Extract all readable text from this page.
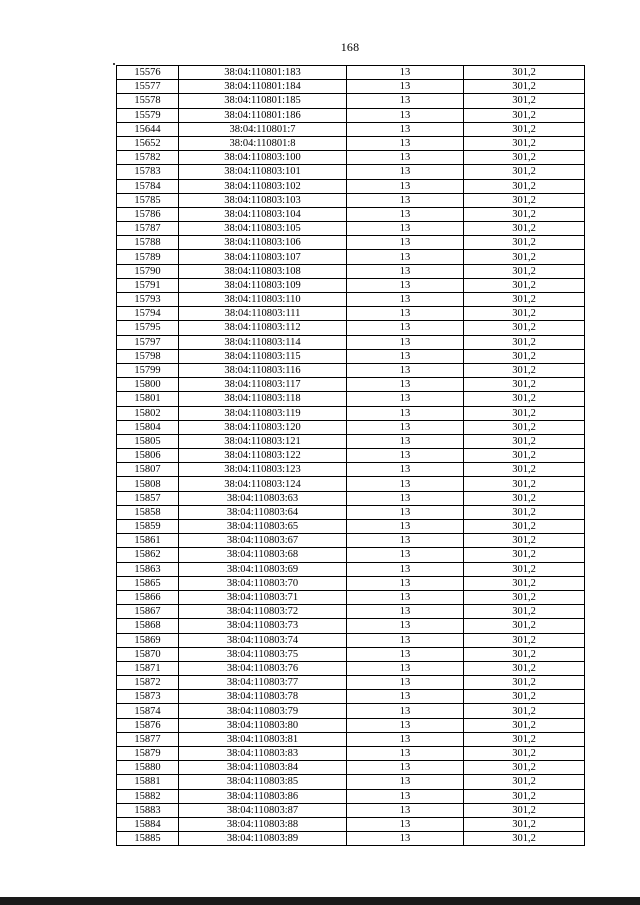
168
15576	38:04:110801:183	13	301,2
15577	38:04:110801:184	13	301,2
15578	38:04:110801:185	13	301,2
15579	38:04:110801:186	13	301,2
15644	38:04:110801:7	13	301,2
15652	38:04:110801:8	13	301,2
15782	38:04:110803:100	13	301,2
15783	38:04:110803:101	13	301,2
15784	38:04:110803:102	13	301,2
15785	38:04:110803:103	13	301,2
15786	38:04:110803:104	13	301,2
15787	38:04:110803:105	13	301,2
15788	38:04:110803:106	13	301,2
15789	38:04:110803:107	13	301,2
15790	38:04:110803:108	13	301,2
15791	38:04:110803:109	13	301,2
15793	38:04:110803:110	13	301,2
15794	38:04:110803:111	13	301,2
15795	38:04:110803:112	13	301,2
15797	38:04:110803:114	13	301,2
15798	38:04:110803:115	13	301,2
15799	38:04:110803:116	13	301,2
15800	38:04:110803:117	13	301,2
15801	38:04:110803:118	13	301,2
15802	38:04:110803:119	13	301,2
15804	38:04:110803:120	13	301,2
15805	38:04:110803:121	13	301,2
15806	38:04:110803:122	13	301,2
15807	38:04:110803:123	13	301,2
15808	38:04:110803:124	13	301,2
15857	38:04:110803:63	13	301,2
15858	38:04:110803:64	13	301,2
15859	38:04:110803:65	13	301,2
15861	38:04:110803:67	13	301,2
15862	38:04:110803:68	13	301,2
15863	38:04:110803:69	13	301,2
15865	38:04:110803:70	13	301,2
15866	38:04:110803:71	13	301,2
15867	38:04:110803:72	13	301,2
15868	38:04:110803:73	13	301,2
15869	38:04:110803:74	13	301,2
15870	38:04:110803:75	13	301,2
15871	38:04:110803:76	13	301,2
15872	38:04:110803:77	13	301,2
15873	38:04:110803:78	13	301,2
15874	38:04:110803:79	13	301,2
15876	38:04:110803:80	13	301,2
15877	38:04:110803:81	13	301,2
15879	38:04:110803:83	13	301,2
15880	38:04:110803:84	13	301,2
15881	38:04:110803:85	13	301,2
15882	38:04:110803:86	13	301,2
15883	38:04:110803:87	13	301,2
15884	38:04:110803:88	13	301,2
15885	38:04:110803:89	13	301,2
